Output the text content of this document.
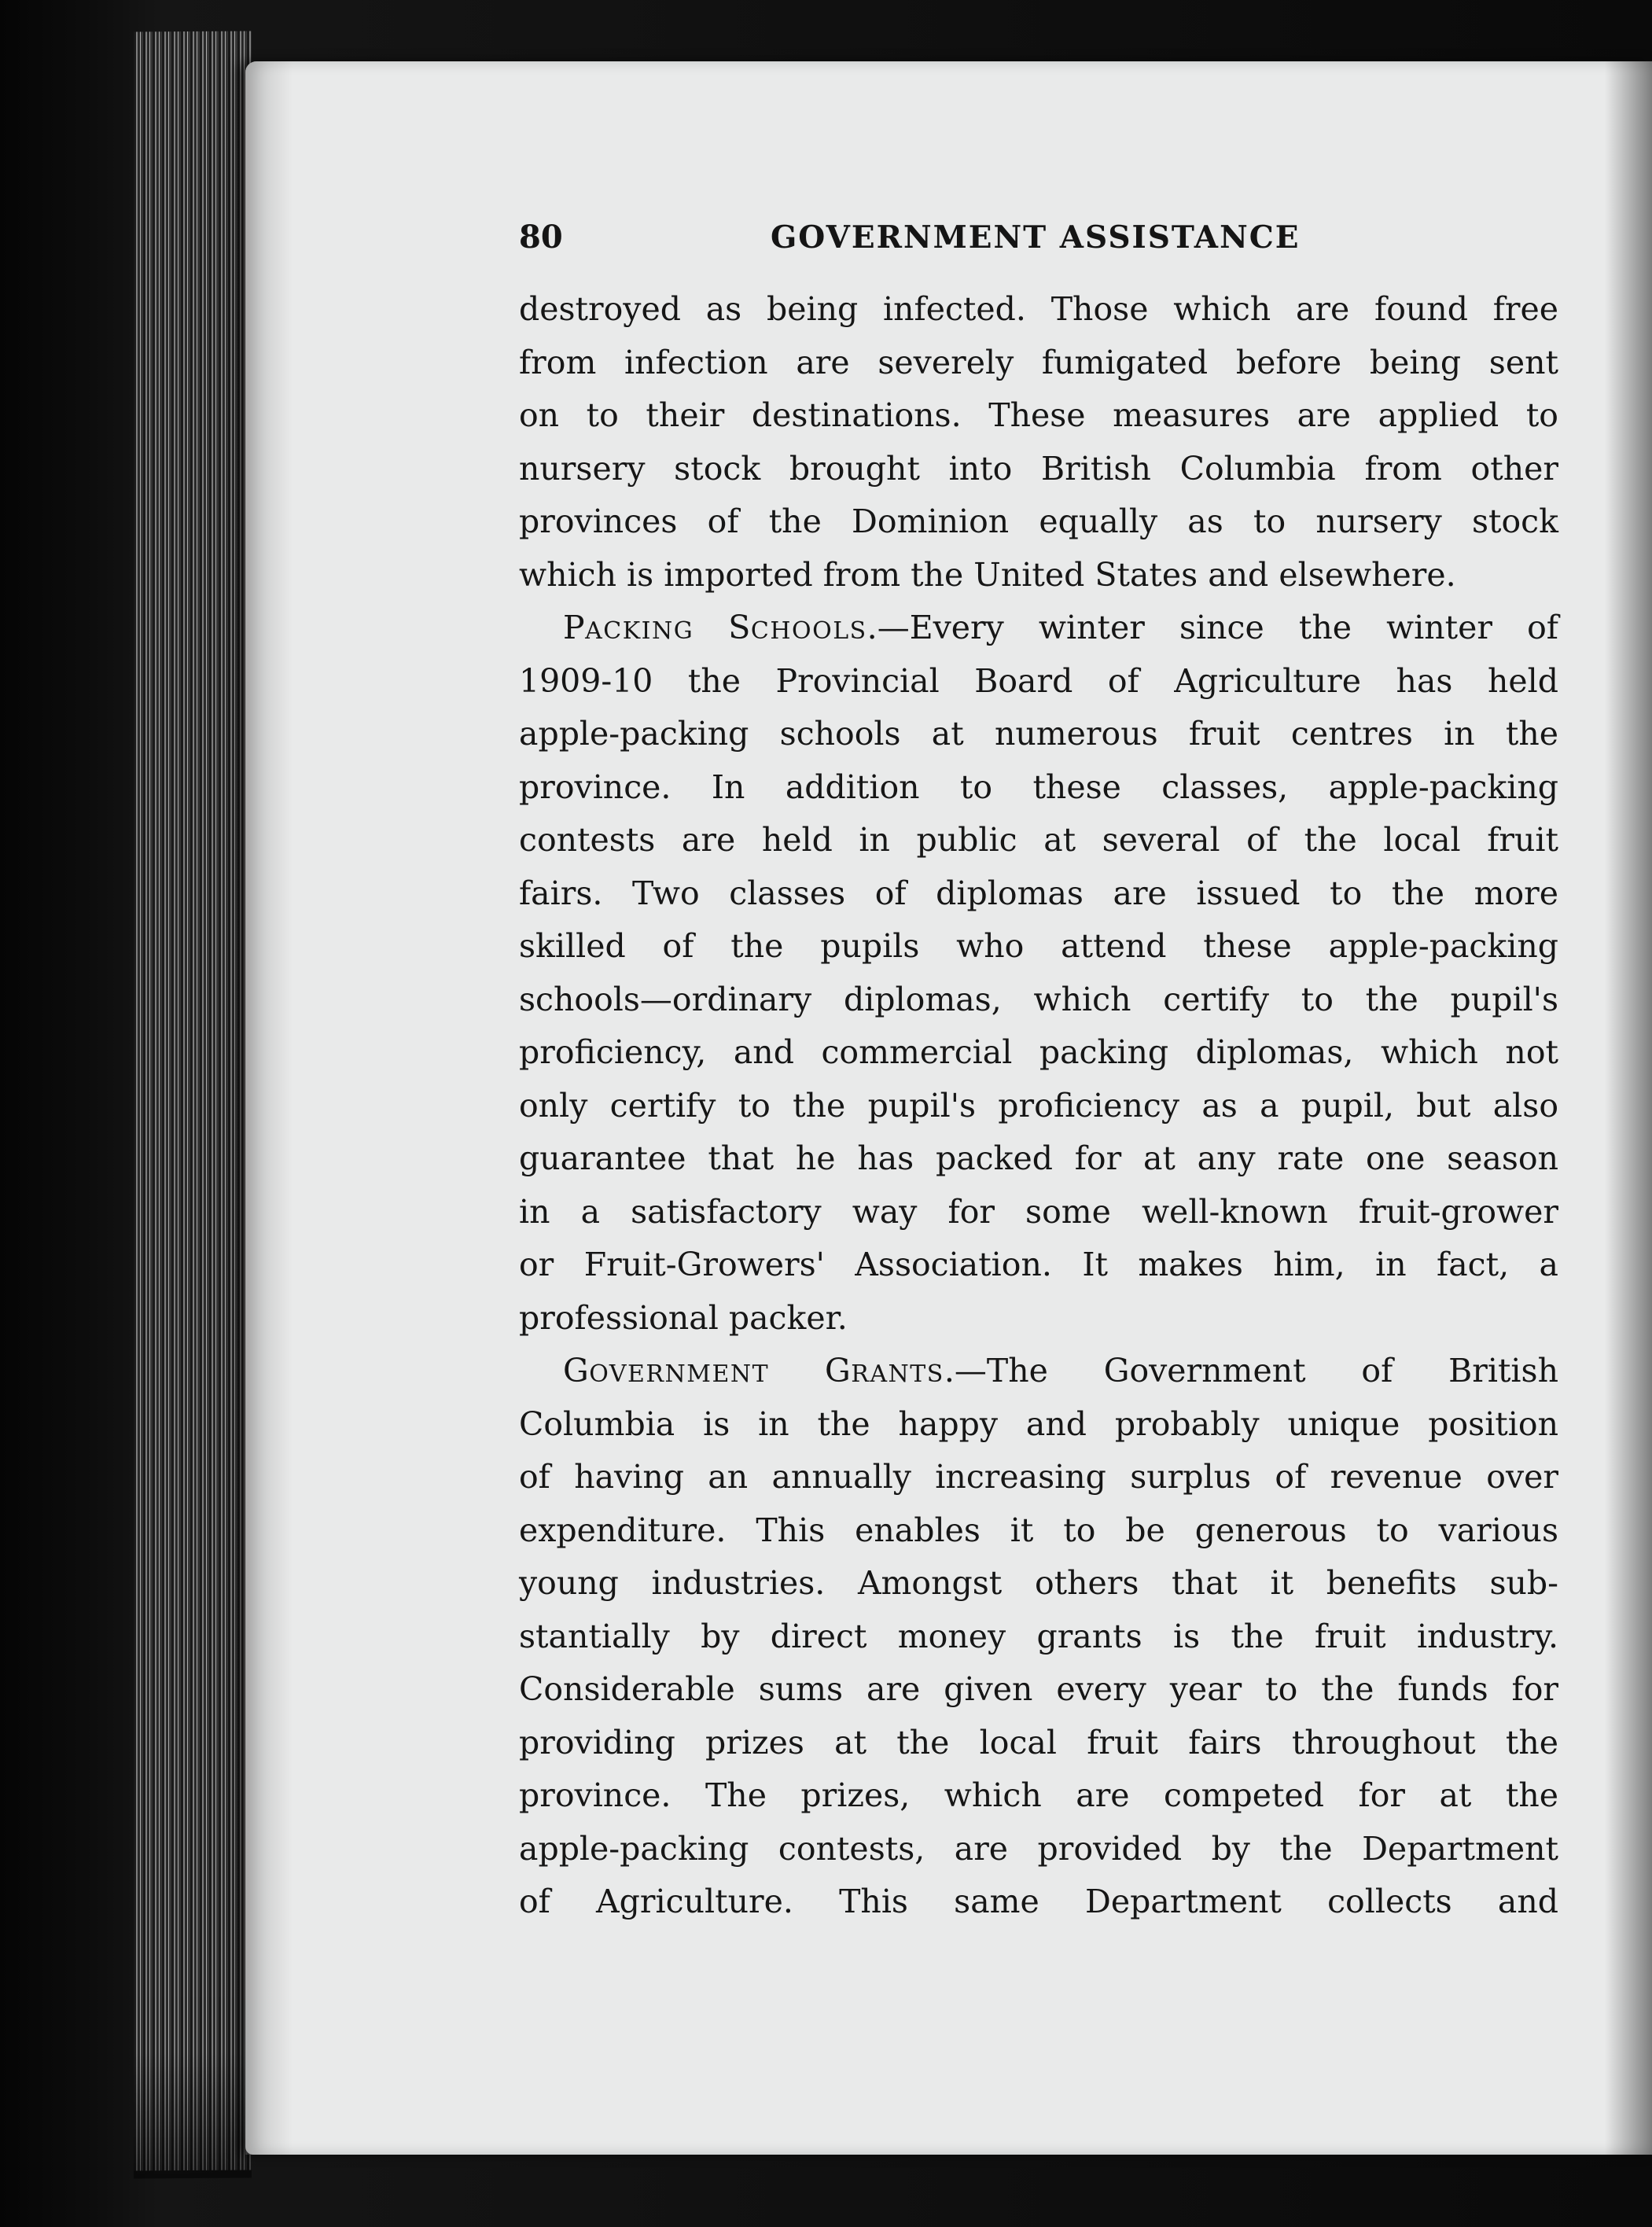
80	GOVERNMENT ASSISTANCE
destroyed as being infected. Those which are found free
from infection are severely fumigated before being sent
on to their destinations. These measures are applied to
nursery stock brought into British Columbia from other
provinces of the Dominion equally as to nursery stock
which is imported from the United States and elsewhere.
PACKING SCHOOLS.—Every winter since the winter of
1909-10 the Provincial Board of Agriculture has held
apple-packing schools at numerous fruit centres in the
province. In addition to these classes, apple-packing
contests are held in public at several of the local fruit
fairs. Two classes of diplomas are issued to the more
skilled of the pupils who attend these apple-packing
schools—ordinary diplomas, which certify to the pupil's
proficiency, and commercial packing diplomas, which not
only certify to the pupil's proficiency as a pupil, but also
guarantee that he has packed for at any rate one season
in a satisfactory way for some well-known fruit-grower
or Fruit-Growers' Association. It makes him, in fact, a
professional packer.
GOVERNMENT GRANTS.—The Government of British
Columbia is in the happy and probably unique position
of having an annually increasing surplus of revenue over
expenditure. This enables it to be generous to various
young industries. Amongst others that it benefits sub-
stantially by direct money grants is the fruit industry.
Considerable sums are given every year to the funds for
providing prizes at the local fruit fairs throughout the
province. The prizes, which are competed for at the
apple-packing contests, are provided by the Department
of Agriculture. This same Department collects and
